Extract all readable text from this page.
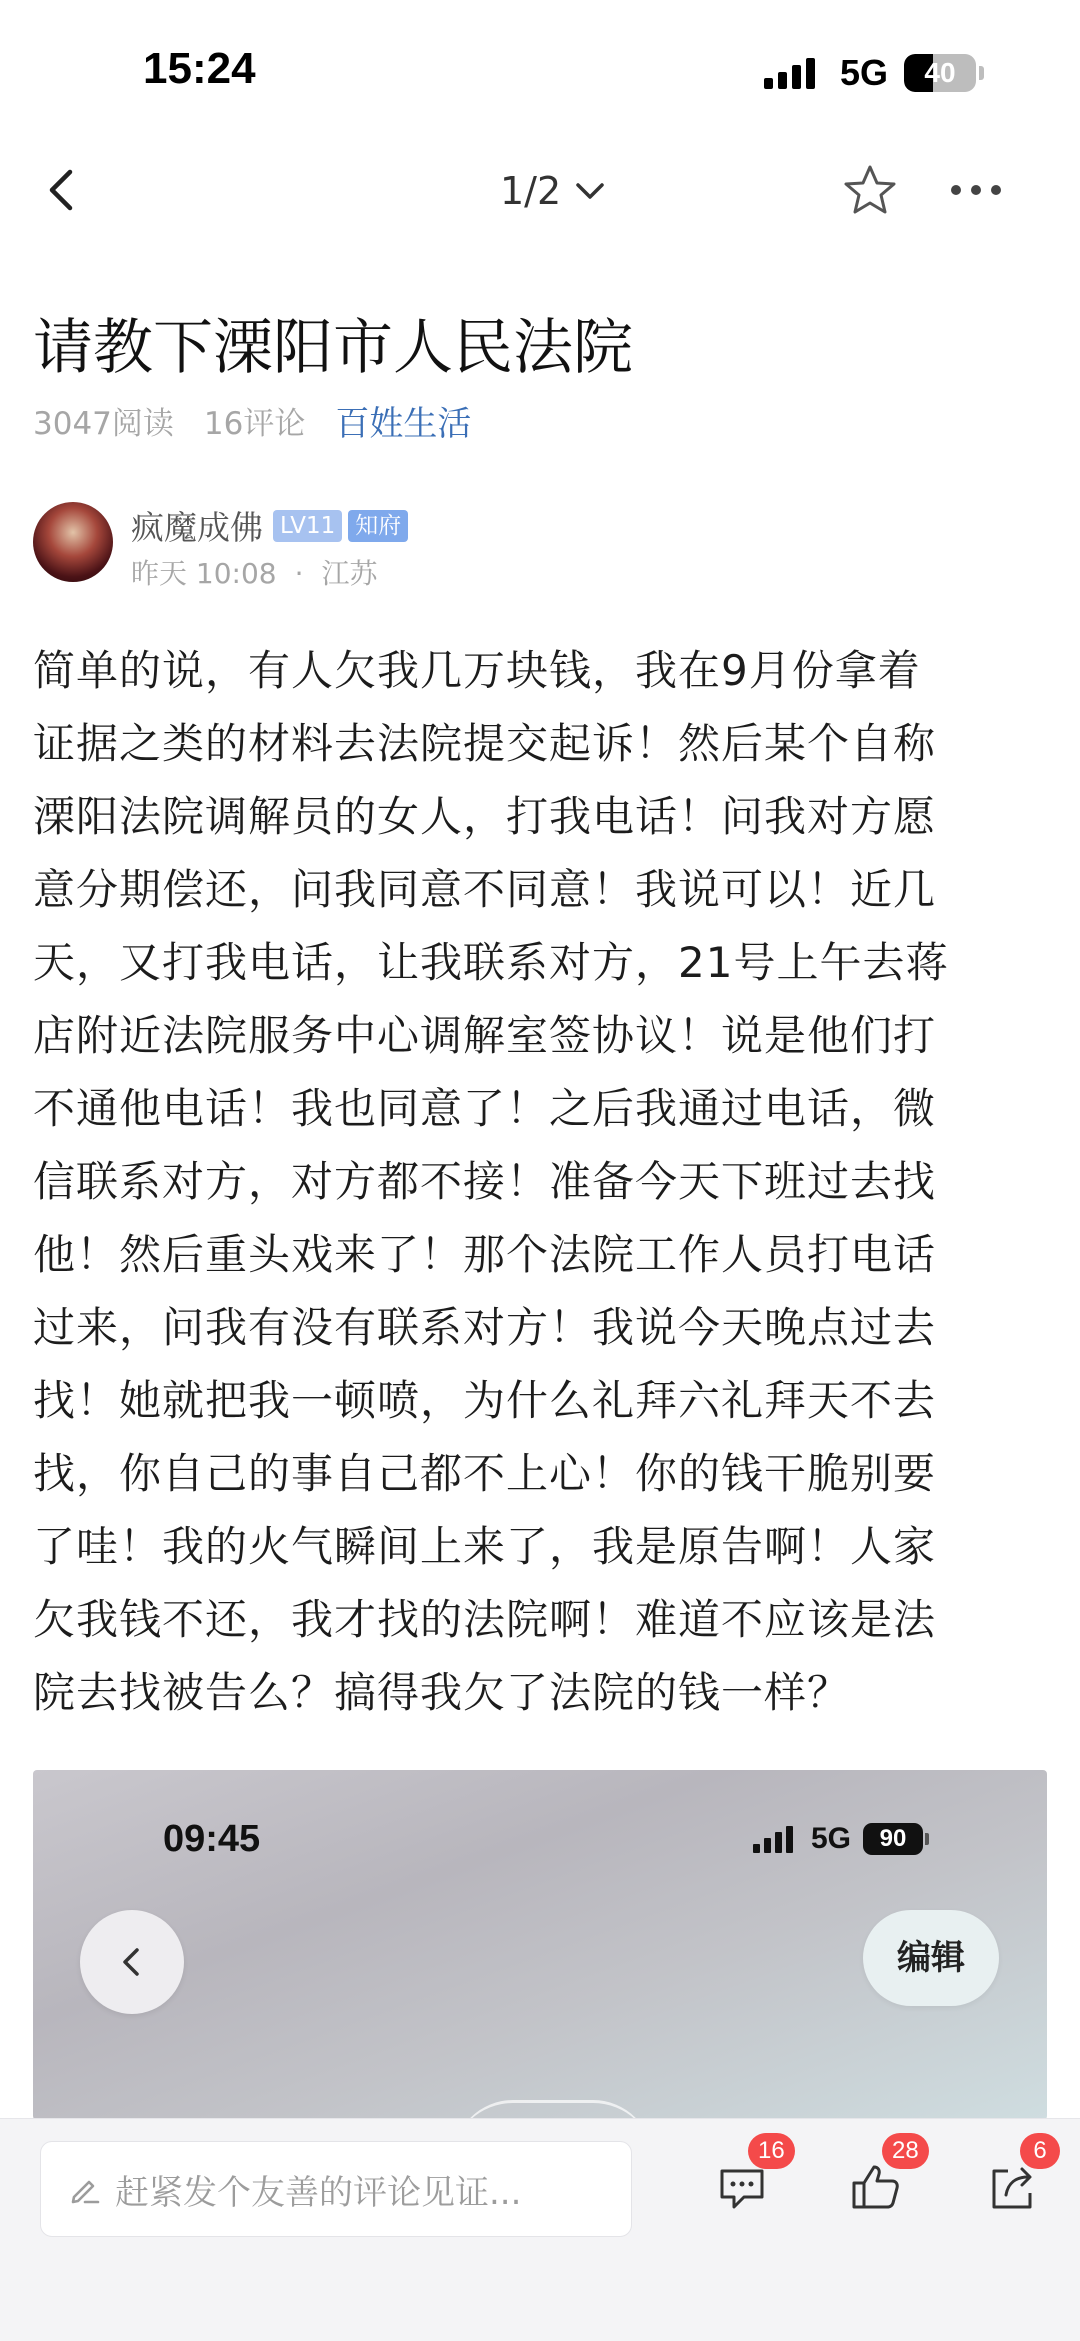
15:24	5G	40
1/2
请教下溧阳市人民法院
3047阅读 16评论 百姓生活
疯魔成佛 LV11 知府
昨天 10:08 · 江苏
简单的说，有人欠我几万块钱，我在9月份拿着
证据之类的材料去法院提交起诉！然后某个自称
溧阳法院调解员的女人，打我电话！问我对方愿
意分期偿还，问我同意不同意！我说可以！近几
天，又打我电话，让我联系对方，21号上午去蒋
店附近法院服务中心调解室签协议！说是他们打
不通他电话！我也同意了！之后我通过电话，微
信联系对方，对方都不接！准备今天下班过去找
他！然后重头戏来了！那个法院工作人员打电话
过来，问我有没有联系对方！我说今天晚点过去
找！她就把我一顿喷，为什么礼拜六礼拜天不去
找，你自己的事自己都不上心！你的钱干脆别要
了哇！我的火气瞬间上来了，我是原告啊！人家
欠我钱不还，我才找的法院啊！难道不应该是法
院去找被告么？搞得我欠了法院的钱一样？
09:45	5G	90
编辑
赶紧发个友善的评论见证...
16	28	6
